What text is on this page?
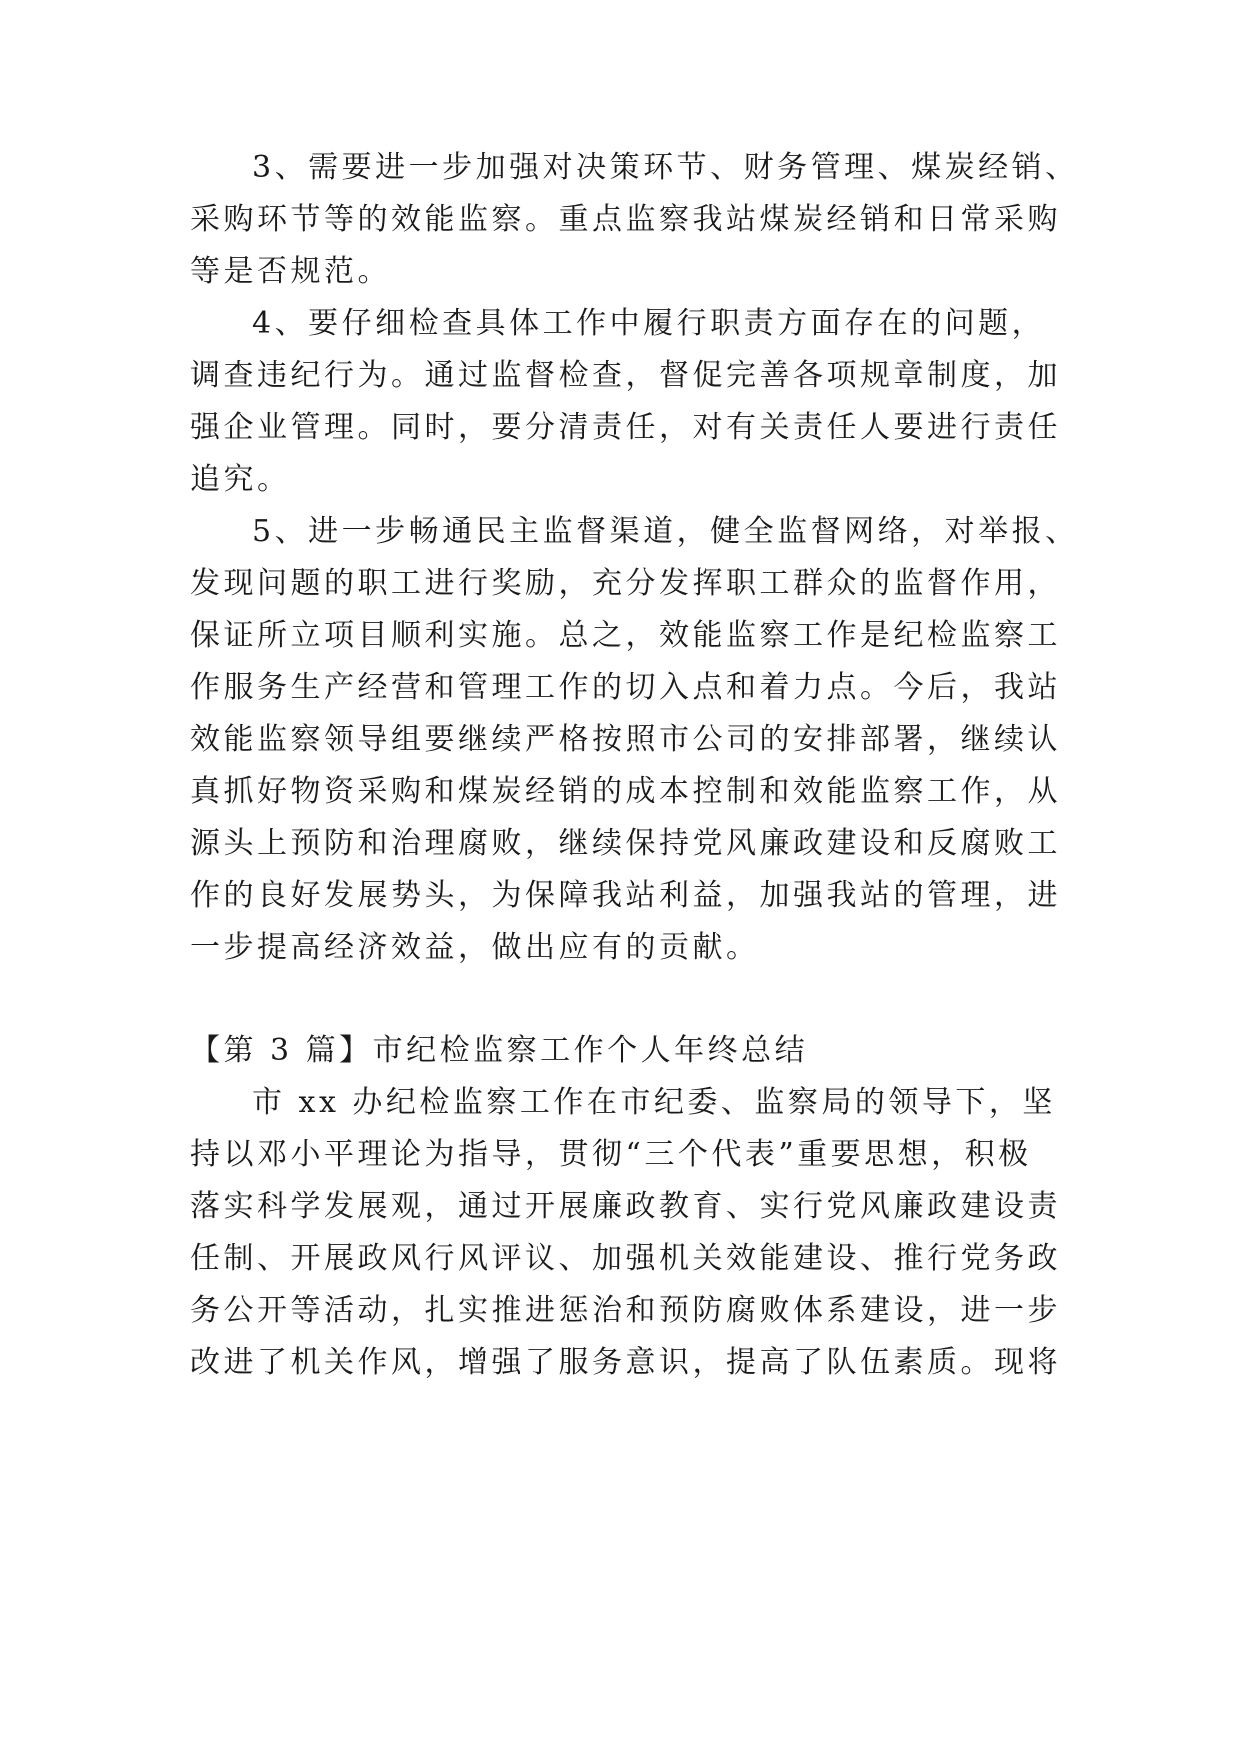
3、需要进一步加强对决策环节、财务管理、煤炭经销、
采购环节等的效能监察。重点监察我站煤炭经销和日常采购
等是否规范。
4、要仔细检查具体工作中履行职责方面存在的问题，
调查违纪行为。通过监督检查，督促完善各项规章制度，加
强企业管理。同时，要分清责任，对有关责任人要进行责任
追究。
5、进一步畅通民主监督渠道，健全监督网络，对举报、
发现问题的职工进行奖励，充分发挥职工群众的监督作用，
保证所立项目顺利实施。总之，效能监察工作是纪检监察工
作服务生产经营和管理工作的切入点和着力点。今后，我站
效能监察领导组要继续严格按照市公司的安排部署，继续认
真抓好物资采购和煤炭经销的成本控制和效能监察工作，从
源头上预防和治理腐败，继续保持党风廉政建设和反腐败工
作的良好发展势头，为保障我站利益，加强我站的管理，进
一步提高经济效益，做出应有的贡献。
【第 3 篇】市纪检监察工作个人年终总结
市 xx 办纪检监察工作在市纪委、监察局的领导下，坚
持以邓小平理论为指导，贯彻“三个代表”重要思想，积极
落实科学发展观，通过开展廉政教育、实行党风廉政建设责
任制、开展政风行风评议、加强机关效能建设、推行党务政
务公开等活动，扎实推进惩治和预防腐败体系建设，进一步
改进了机关作风，增强了服务意识，提高了队伍素质。现将
